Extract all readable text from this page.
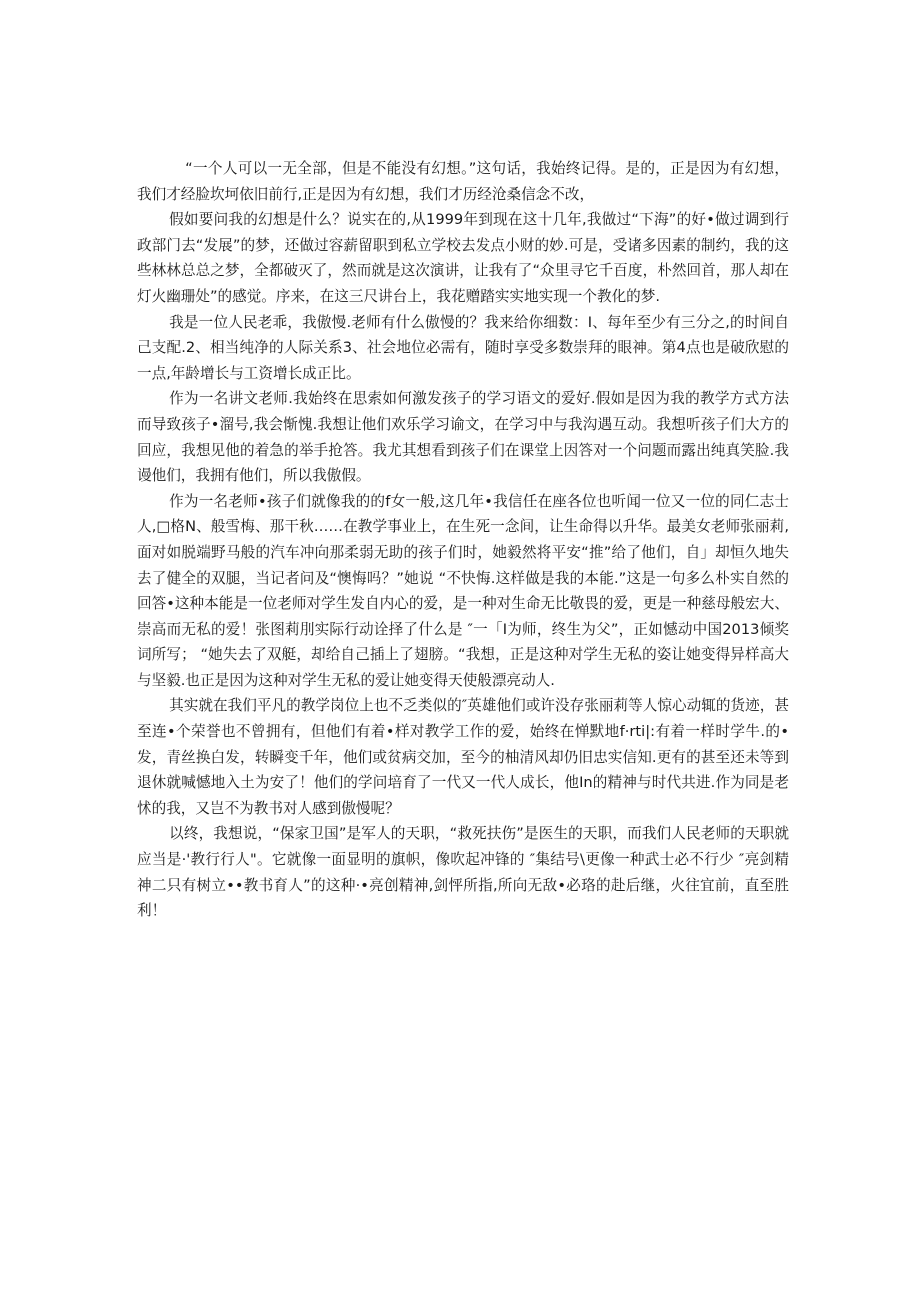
“一个人可以一无全部，但是不能没有幻想。”这句话，我始终记得。是的，正是因为有幻想，我们才经脸坎坷依旧前行,正是因为有幻想，我们才历经沧桑信念不改，

假如要问我的幻想是什么？说实在的,从1999年到现在这十几年,我做过“下海”的好•做过调到行政部门去“发展”的梦，还做过容薪留职到私立学校去发点小财的妙.可是，受诸多因素的制约，我的这些林林总总之梦，全都破灭了，然而就是这次演讲，让我有了“众里寻它千百度，朴然回首，那人却在灯火幽珊处”的感觉。序来，在这三尺讲台上，我花赠踏实实地实现一个教化的梦.

我是一位人民老乖，我傲慢.老师有什么傲慢的？我来给你细数：I、每年至少有三分之,的时间自己支配.2、相当纯净的人际关系3、社会地位必需有，随时享受多数崇拜的眼神。第4点也是破欣慰的一点,年龄增长与工资增长成正比。

作为一名讲文老师.我始终在思索如何激发孩子的学习语文的爱好.假如是因为我的教学方式方法而导致孩子•溜号,我会惭愧.我想让他们欢乐学习谕文，在学习中与我沟遇互动。我想听孩子们大方的回应，我想见他的着急的举手抢答。我尤其想看到孩子们在课堂上因答对一个问题而露出纯真笑脸.我谩他们，我拥有他们，所以我傲假。

作为一名老师•孩子们就像我的的f女一般,这几年•我信任在座各位也听闻一位又一位的同仁志士人,□格N、般雪梅、那干秋……在教学事业上，在生死一念间，让生命得以升华。最美女老师张丽莉,面对如脱端野马般的汽车冲向那柔弱无助的孩子们时，她毅然将平安“推”给了他们，自」却恒久地失去了健全的双腿，当记者问及“懊悔吗？”她说 “不快悔.这样做是我的本能.”这是一句多么朴实自然的回答•这种本能是一位老师对学生发自内心的爱，是一种对生命无比敬畏的爱，更是一种慈母般宏大、崇高而无私的爱！张图莉刖实际行动诠择了什么是 ″一「I为师，终生为父”，正如憾动中国2013倾奖词所写； “她失去了双艇，却给自己插上了翅膀。“我想，正是这种对学生无私的姿让她变得异样高大与坚毅.也正是因为这种对学生无私的爱让她变得天使般漂亮动人.

其实就在我们平凡的教学岗位上也不乏类似的″英雄他们或许没存张丽莉等人惊心动辄的货迹，甚至连•个荣誉也不曾拥有，但他们有着•样对教学工作的爱，始终在惮默地f·rti|:有着一样时学牛.的•发，青丝换白发，转瞬变千年，他们或贫病交加，至今的柚清风却仍旧忠实信知.更有的甚至还未等到退休就喊憾地入土为安了！他们的学问培育了一代又一代人成长，他In的精神与时代共进.作为同是老怵的我，又岂不为教书对人感到傲慢呢？

以终，我想说，“保家卫国”是军人的天职，“救死扶伤”是医生的天职，而我们人民老师的天职就应当是·'教行行人"。它就像一面显明的旗帜，像吹起冲锋的 ″集结号\更像一种武士必不行少 ″亮剑精神二只有树立••教书育人”的这种·•亮创精神,剑怦所指,所向无敌•必珞的赴后继，火往宜前，直至胜利！
